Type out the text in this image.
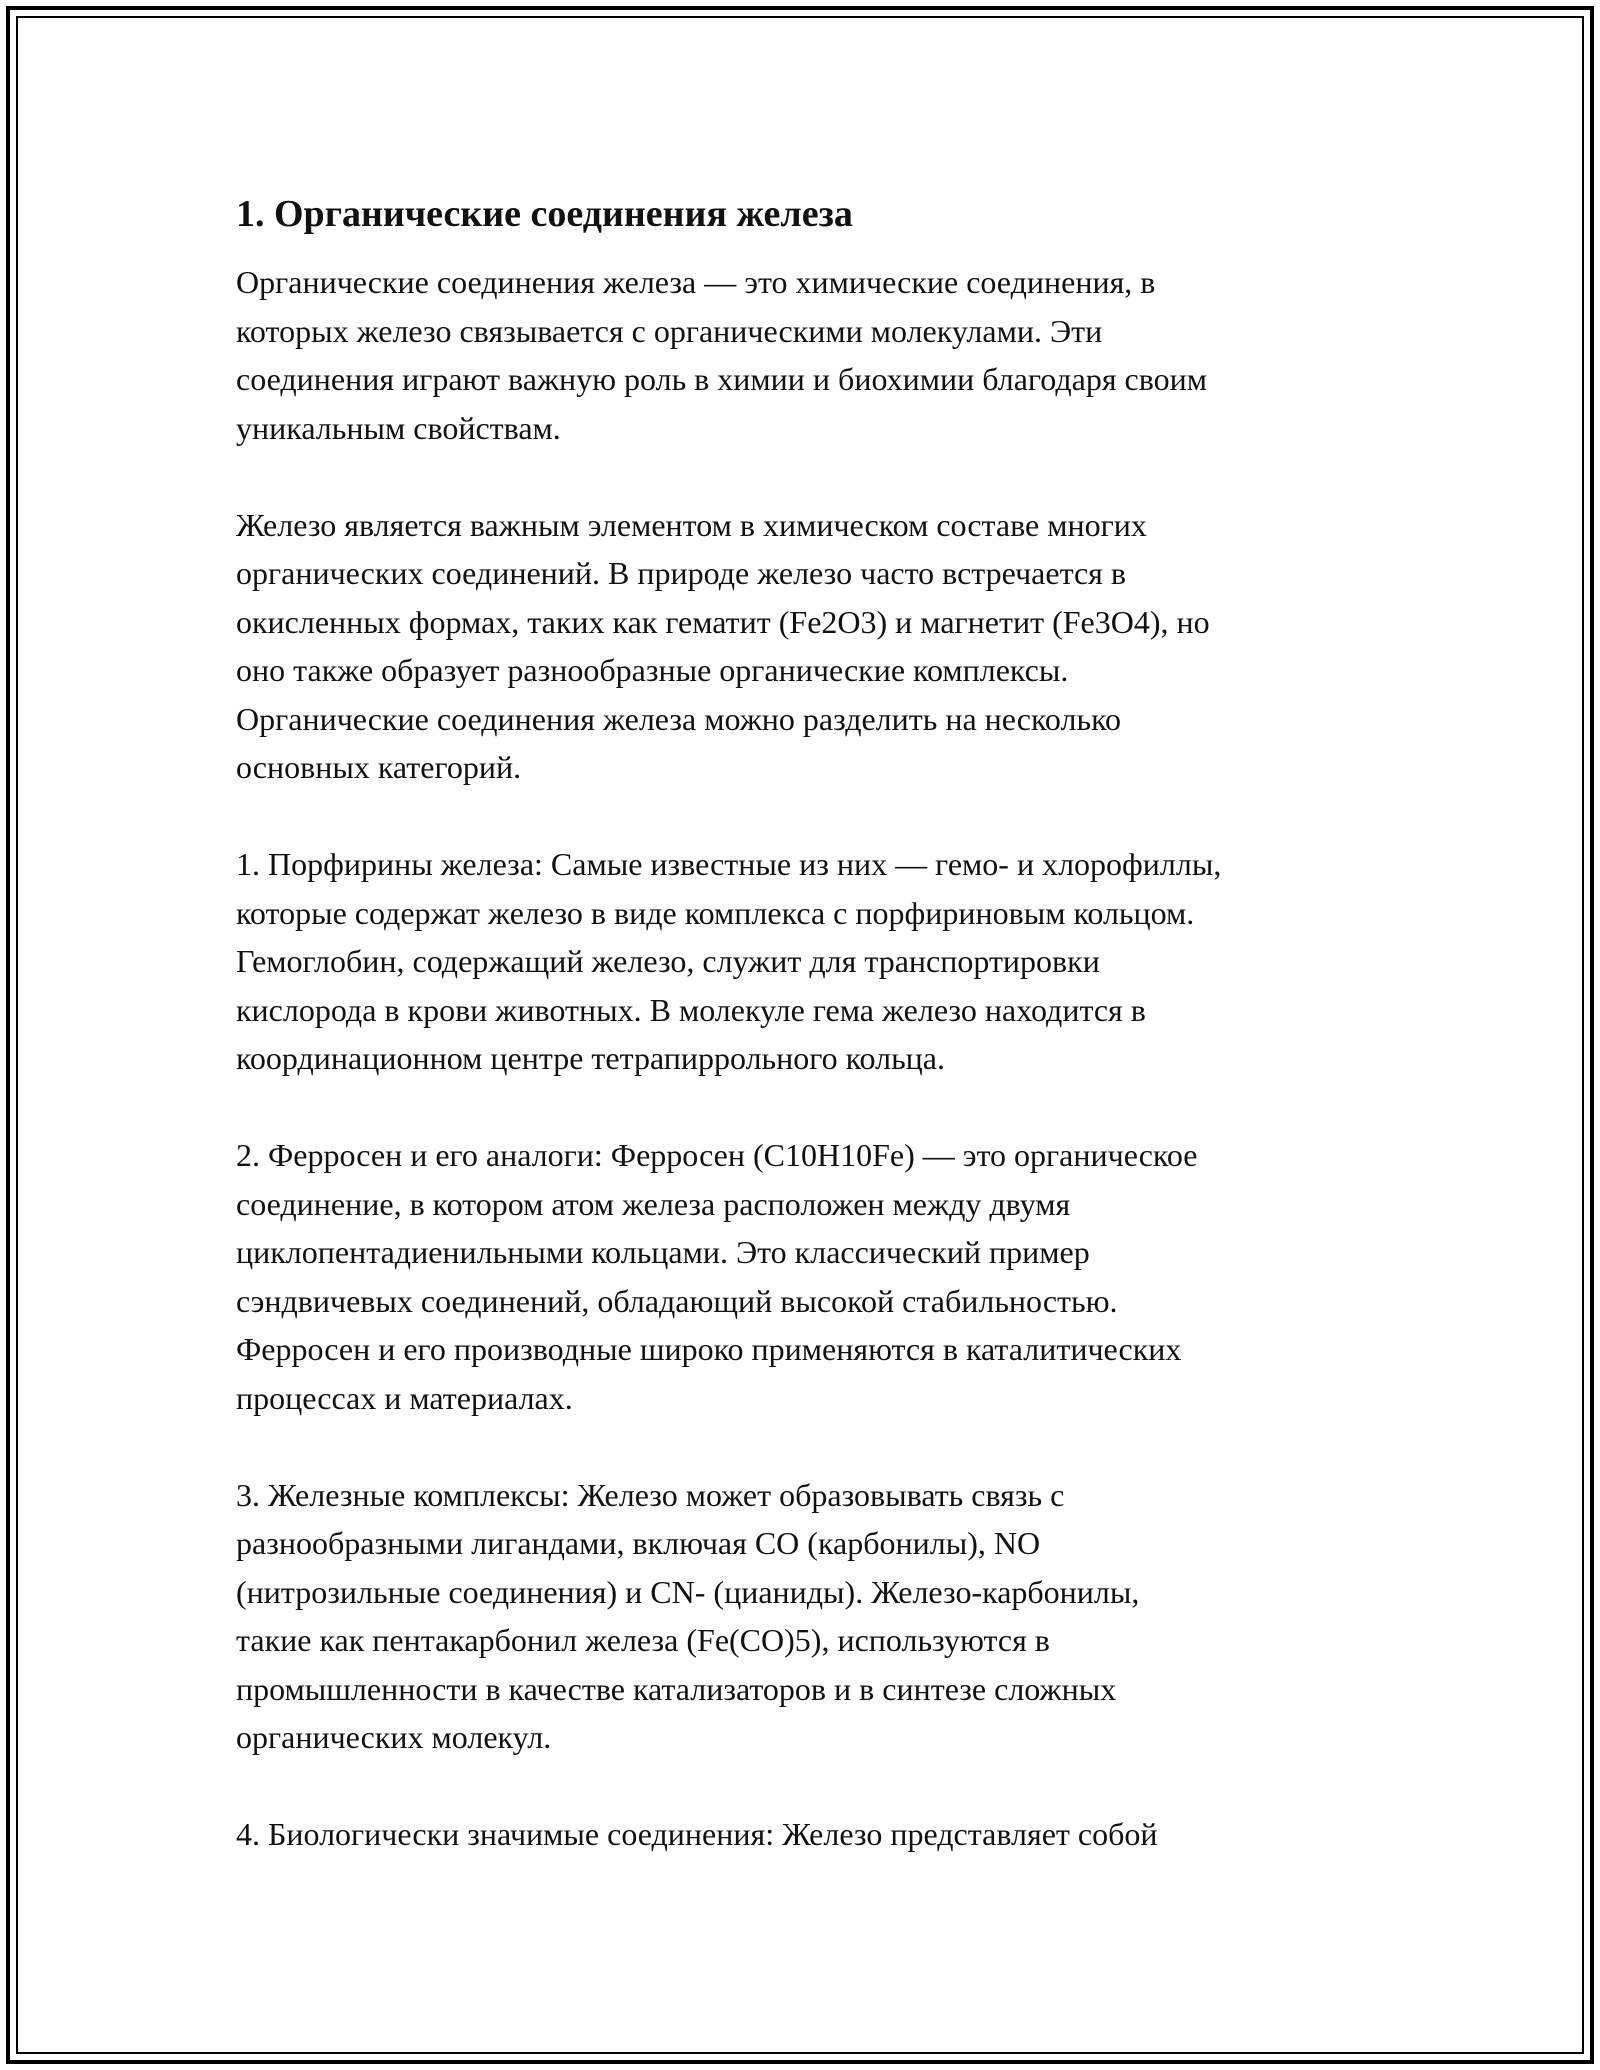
1. Органические соединения железа

Органические соединения железа — это химические соединения, в
которых железо связывается с органическими молекулами. Эти
соединения играют важную роль в химии и биохимии благодаря своим
уникальным свойствам.

Железо является важным элементом в химическом составе многих
органических соединений. В природе железо часто встречается в
окисленных формах, таких как гематит (Fe2O3) и магнетит (Fe3O4), но
оно также образует разнообразные органические комплексы.
Органические соединения железа можно разделить на несколько
основных категорий.

1. Порфирины железа: Самые известные из них — гемо- и хлорофиллы,
которые содержат железо в виде комплекса с порфириновым кольцом.
Гемоглобин, содержащий железо, служит для транспортировки
кислорода в крови животных. В молекуле гема железо находится в
координационном центре тетрапиррольного кольца.

2. Ферросен и его аналоги: Ферросен (C10H10Fe) — это органическое
соединение, в котором атом железа расположен между двумя
циклопентадиенильными кольцами. Это классический пример
сэндвичевых соединений, обладающий высокой стабильностью.
Ферросен и его производные широко применяются в каталитических
процессах и материалах.

3. Железные комплексы: Железо может образовывать связь с
разнообразными лигандами, включая CO (карбонилы), NO
(нитрозильные соединения) и CN- (цианиды). Железо-карбонилы,
такие как пентакарбонил железа (Fe(CO)5), используются в
промышленности в качестве катализаторов и в синтезе сложных
органических молекул.

4. Биологически значимые соединения: Железо представляет собой
